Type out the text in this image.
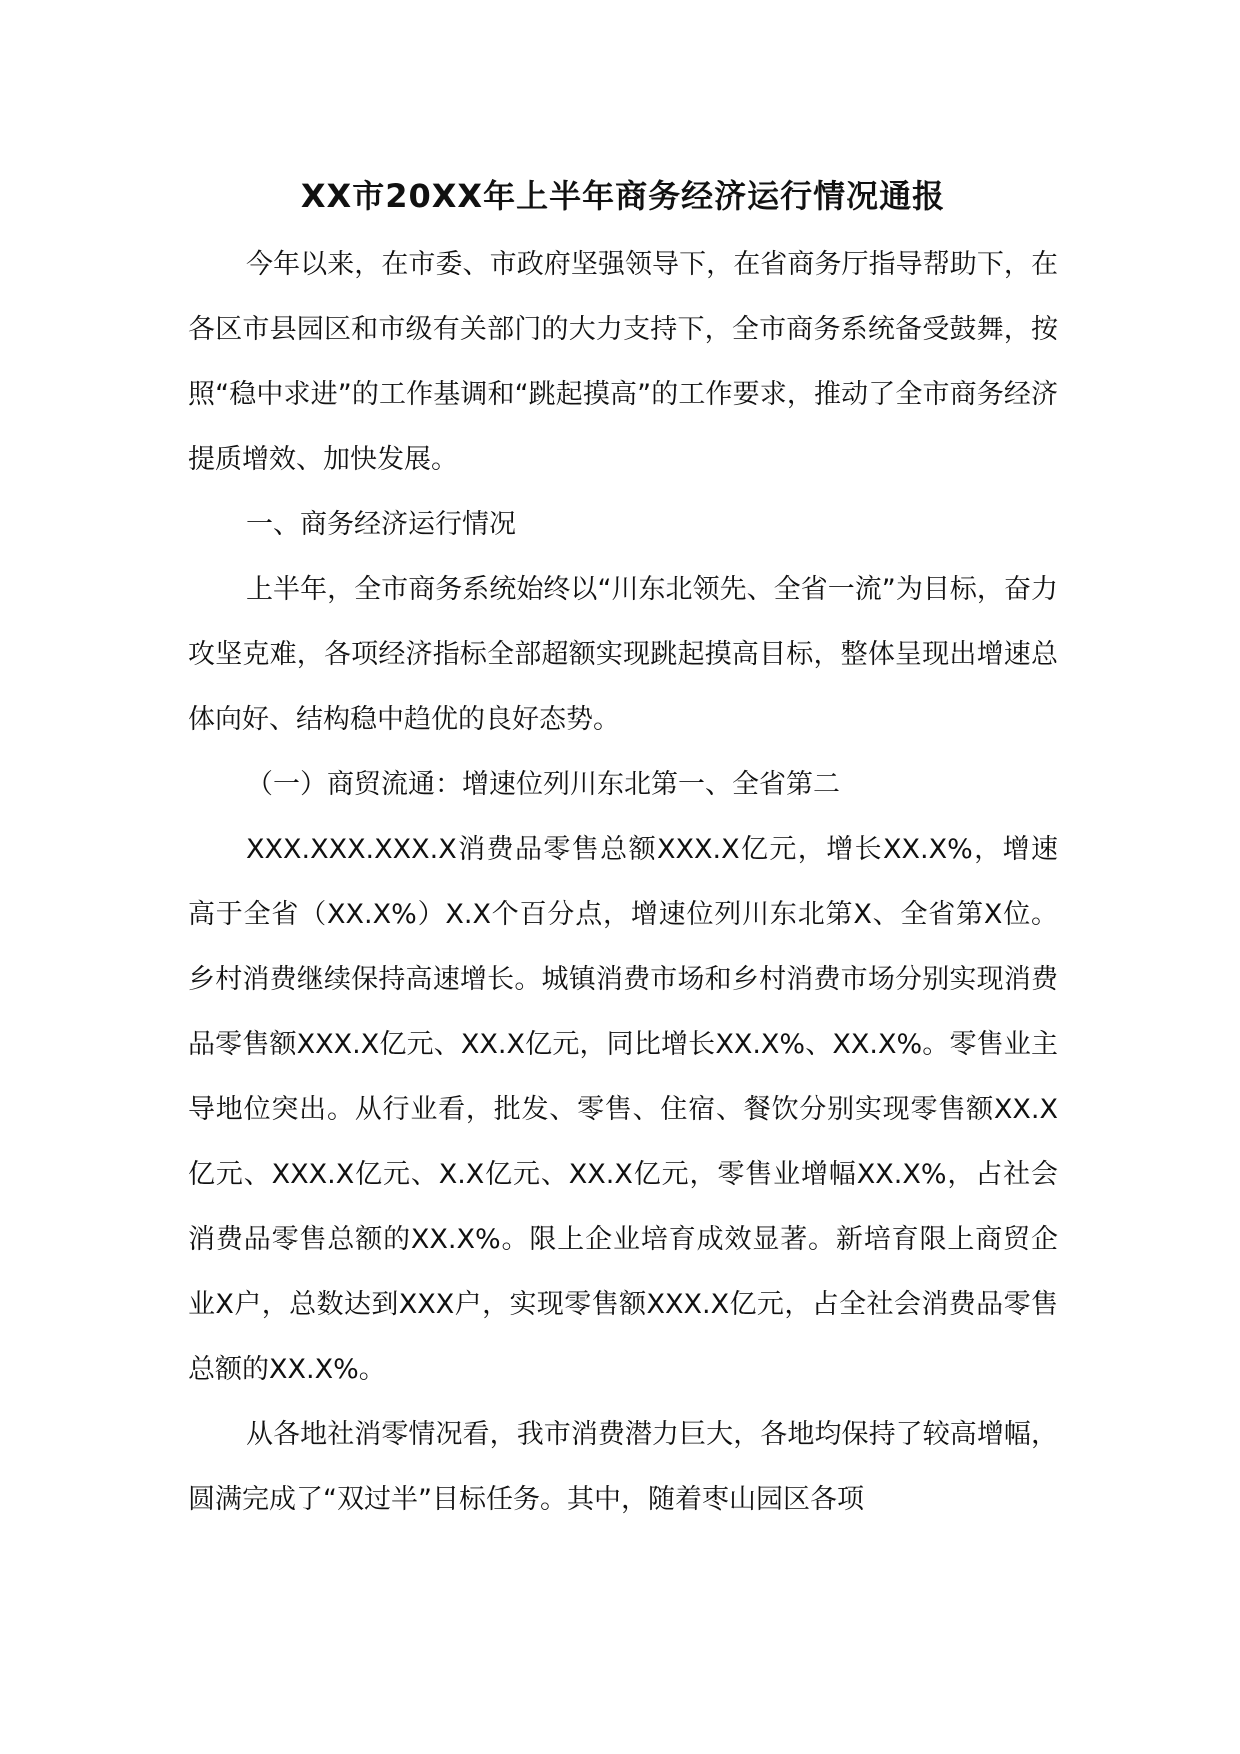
XX市20XX年上半年商务经济运行情况通报

今年以来，在市委、市政府坚强领导下，在省商务厅指导帮助下，在各区市县园区和市级有关部门的大力支持下，全市商务系统备受鼓舞，按照“稳中求进”的工作基调和“跳起摸高”的工作要求，推动了全市商务经济提质增效、加快发展。

一、商务经济运行情况

上半年，全市商务系统始终以“川东北领先、全省一流”为目标，奋力攻坚克难，各项经济指标全部超额实现跳起摸高目标，整体呈现出增速总体向好、结构稳中趋优的良好态势。

（一）商贸流通：增速位列川东北第一、全省第二

XXX.XXX.XXX.X消费品零售总额XXX.X亿元，增长XX.X%，增速高于全省（XX.X%）X.X个百分点，增速位列川东北第X、全省第X位。乡村消费继续保持高速增长。城镇消费市场和乡村消费市场分别实现消费品零售额XXX.X亿元、XX.X亿元，同比增长XX.X%、XX.X%。零售业主导地位突出。从行业看，批发、零售、住宿、餐饮分别实现零售额XX.X亿元、XXX.X亿元、X.X亿元、XX.X亿元，零售业增幅XX.X%，占社会消费品零售总额的XX.X%。限上企业培育成效显著。新培育限上商贸企业X户，总数达到XXX户，实现零售额XXX.X亿元，占全社会消费品零售总额的XX.X%。

从各地社消零情况看，我市消费潜力巨大，各地均保持了较高增幅，圆满完成了“双过半”目标任务。其中，随着枣山园区各项
